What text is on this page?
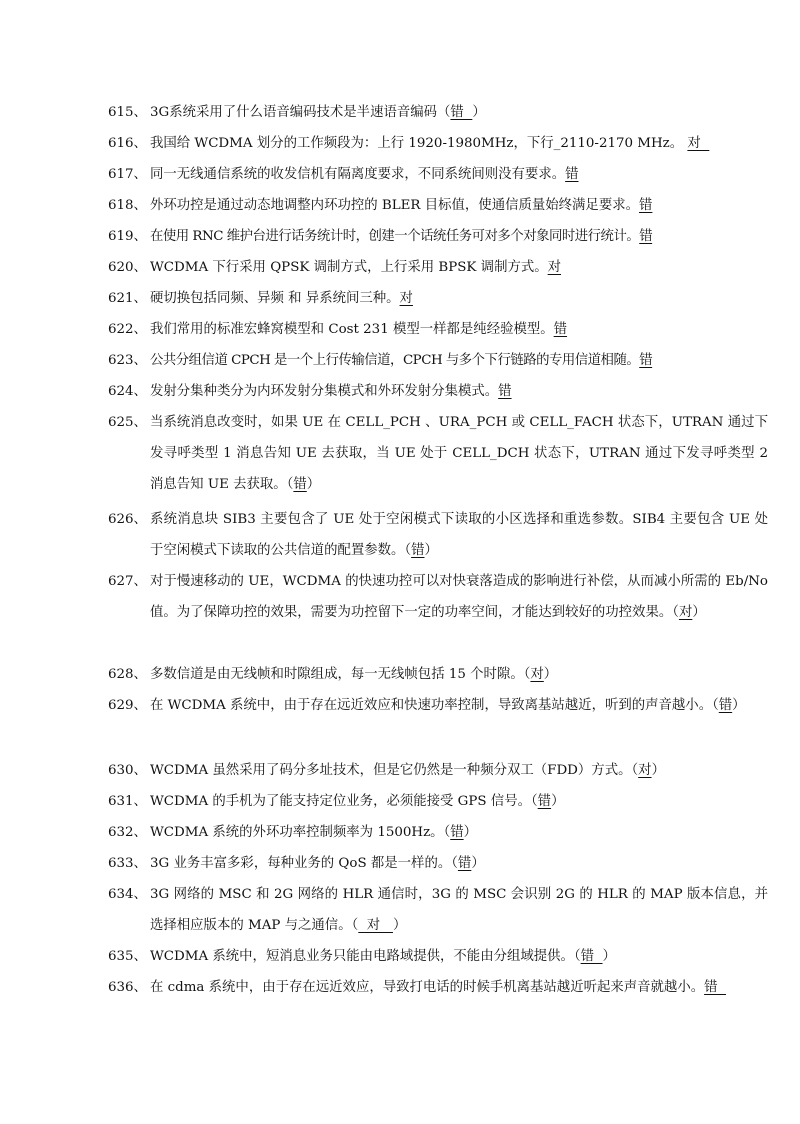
615、 3G系统采用了什么语音编码技术是半速语音编码（错  ）
616、 我国给 WCDMA 划分的工作频段为：上行 1920-1980MHz，下行_2110-2170 MHz。 对
617、 同一无线通信系统的收发信机有隔离度要求，不同系统间则没有要求。错
618、 外环功控是通过动态地调整内环功控的 BLER 目标值，使通信质量始终满足要求。错
619、 在使用 RNC 维护台进行话务统计时，创建一个话统任务可对多个对象同时进行统计。错
620、 WCDMA 下行采用 QPSK 调制方式，上行采用 BPSK 调制方式。对
621、 硬切换包括同频、异频 和 异系统间三种。对
622、 我们常用的标准宏蜂窝模型和 Cost 231 模型一样都是纯经验模型。错
623、 公共分组信道 CPCH 是一个上行传输信道，CPCH 与多个下行链路的专用信道相随。错
624、 发射分集种类分为内环发射分集模式和外环发射分集模式。错
625、 当系统消息改变时，如果 UE 在 CELL_PCH 、URA_PCH 或 CELL_FACH 状态下，UTRAN 通过下发寻呼类型 1 消息告知 UE 去获取，当 UE 处于 CELL_DCH 状态下，UTRAN 通过下发寻呼类型 2 消息告知 UE 去获取。（错）
626、 系统消息块 SIB3 主要包含了 UE 处于空闲模式下读取的小区选择和重选参数。SIB4 主要包含 UE 处于空闲模式下读取的公共信道的配置参数。（错）
627、 对于慢速移动的 UE，WCDMA 的快速功控可以对快衰落造成的影响进行补偿，从而减小所需的 Eb/No 值。为了保障功控的效果，需要为功控留下一定的功率空间，才能达到较好的功控效果。（对）
628、 多数信道是由无线帧和时隙组成，每一无线帧包括 15 个时隙。（对）
629、 在 WCDMA 系统中，由于存在远近效应和快速功率控制，导致离基站越近，听到的声音越小。（错）
630、 WCDMA 虽然采用了码分多址技术，但是它仍然是一种频分双工（FDD）方式。（对）
631、 WCDMA 的手机为了能支持定位业务，必须能接受 GPS 信号。（错）
632、 WCDMA 系统的外环功率控制频率为 1500Hz。（错）
633、 3G 业务丰富多彩，每种业务的 QoS 都是一样的。（错）
634、 3G 网络的 MSC 和 2G 网络的 HLR 通信时，3G 的 MSC 会识别 2G 的 HLR 的 MAP 版本信息，并选择相应版本的 MAP 与之通信。（  对   ）
635、 WCDMA 系统中，短消息业务只能由电路域提供，不能由分组域提供。（错  ）
636、 在 cdma 系统中，由于存在远近效应，导致打电话的时候手机离基站越近听起来声音就越小。错
